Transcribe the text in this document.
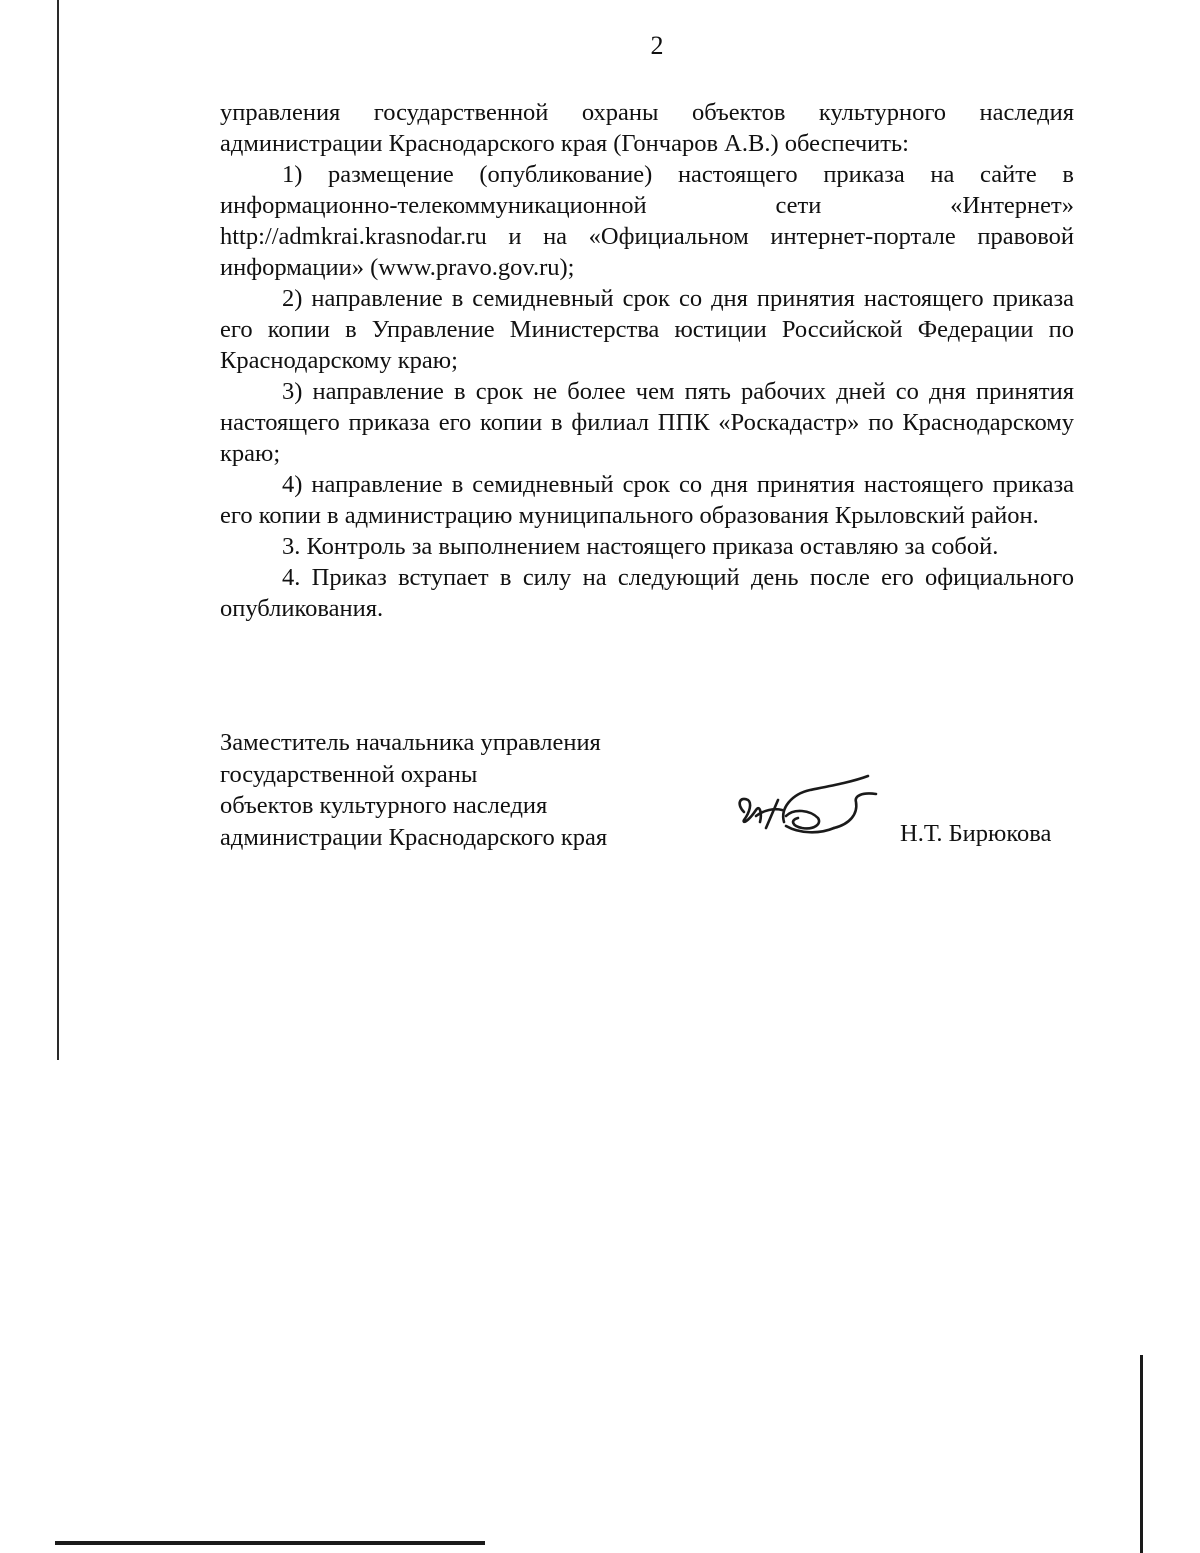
2

управления государственной охраны объектов культурного наследия администрации Краснодарского края (Гончаров А.В.) обеспечить:

1) размещение (опубликование) настоящего приказа на сайте в информационно-телекоммуникационной сети «Интернет» http://admkrai.krasnodar.ru и на «Официальном интернет-портале правовой информации» (www.pravo.gov.ru);

2) направление в семидневный срок со дня принятия настоящего приказа его копии в Управление Министерства юстиции Российской Федерации по Краснодарскому краю;

3) направление в срок не более чем пять рабочих дней со дня принятия настоящего приказа его копии в филиал ППК «Роскадастр» по Краснодарскому краю;

4) направление в семидневный срок со дня принятия настоящего приказа его копии в администрацию муниципального образования Крыловский район.

3. Контроль за выполнением настоящего приказа оставляю за собой.

4. Приказ вступает в силу на следующий день после его официального опубликования.

Заместитель начальника управления
государственной охраны
объектов культурного наследия
администрации Краснодарского края	Н.Т. Бирюкова
